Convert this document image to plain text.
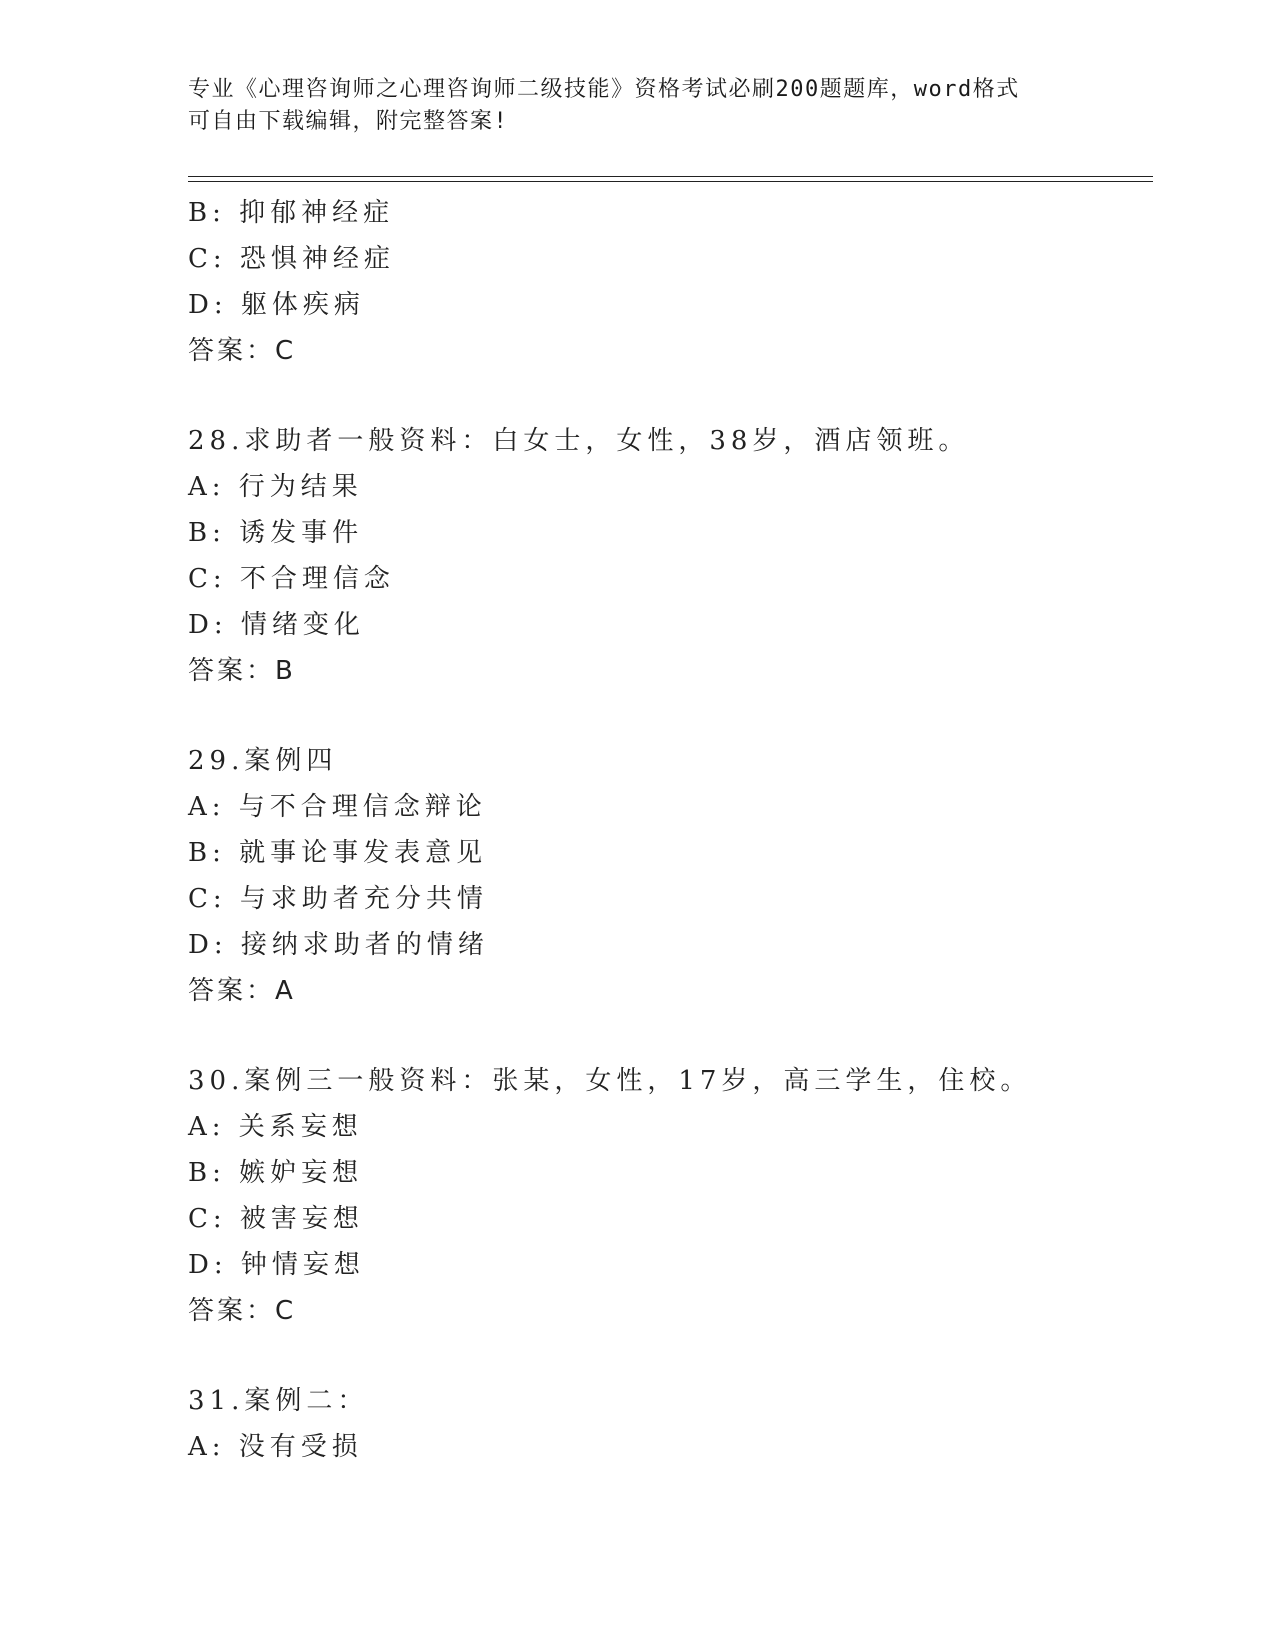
专业《心理咨询师之心理咨询师二级技能》资格考试必刷200题题库，word格式
可自由下载编辑，附完整答案!
B: 抑郁神经症
C: 恐惧神经症
D: 躯体疾病
答案：C
28.求助者一般资料：白女士，女性，38岁，酒店领班。
A: 行为结果
B: 诱发事件
C: 不合理信念
D: 情绪变化
答案：B
29.案例四
A: 与不合理信念辩论
B: 就事论事发表意见
C: 与求助者充分共情
D: 接纳求助者的情绪
答案：A
30.案例三一般资料：张某，女性，17岁，高三学生，住校。
A: 关系妄想
B: 嫉妒妄想
C: 被害妄想
D: 钟情妄想
答案：C
31.案例二：
A: 没有受损
